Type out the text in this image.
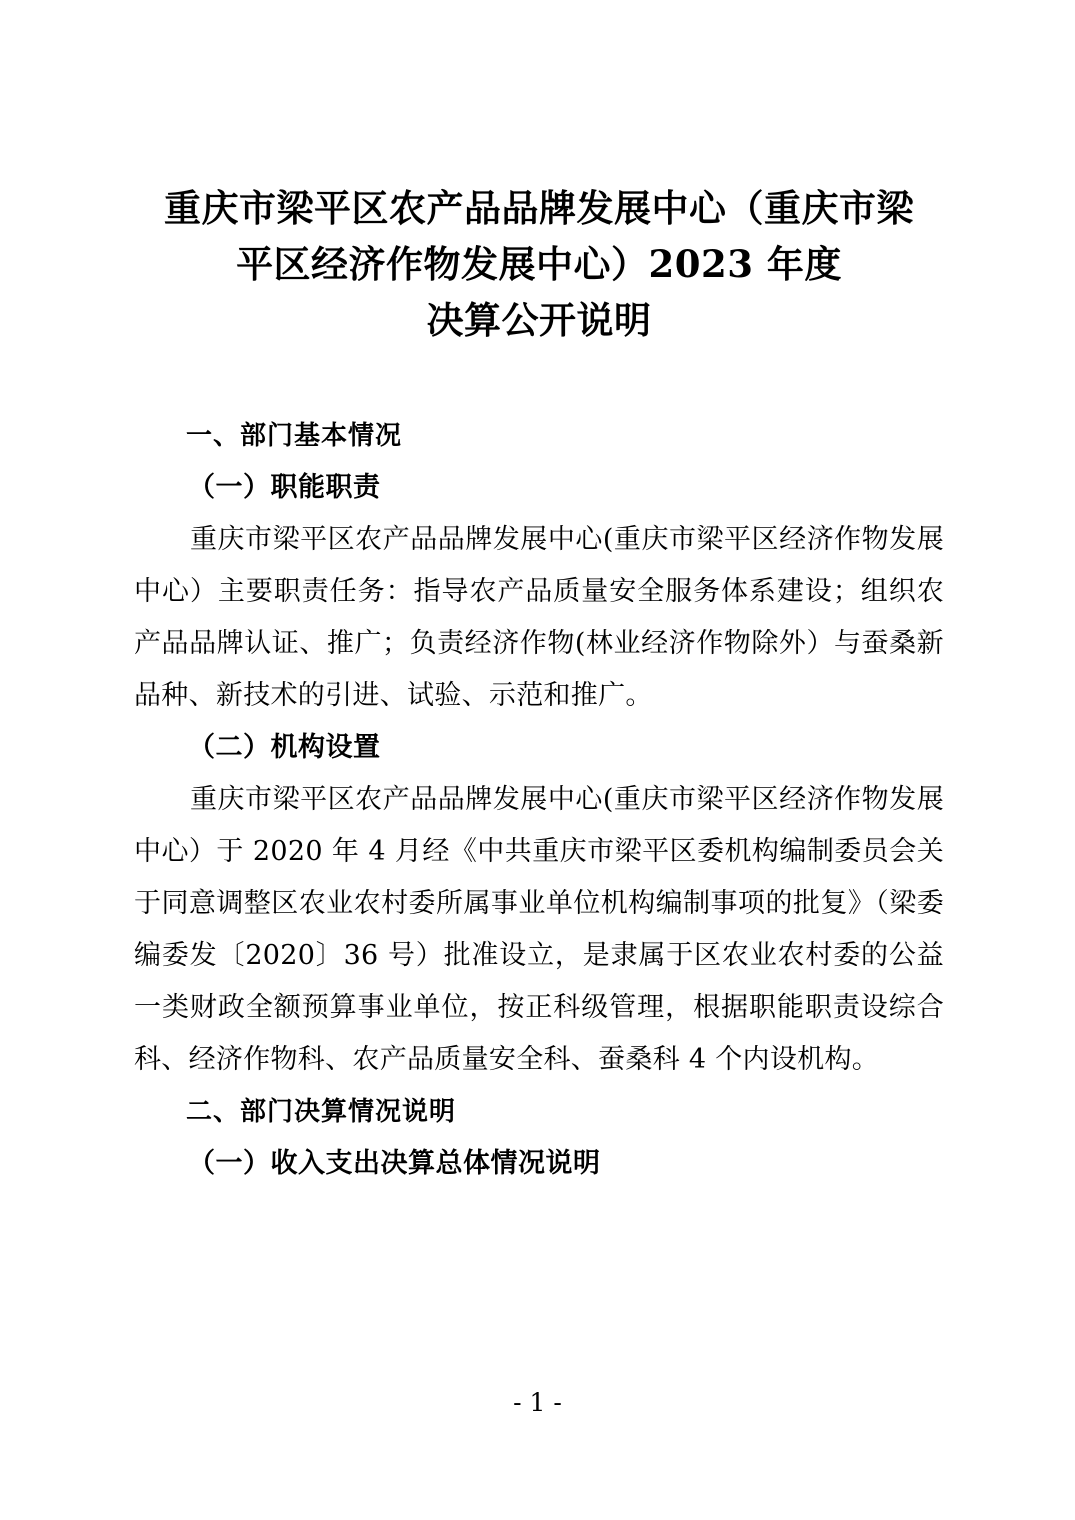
重庆市梁平区农产品品牌发展中心（重庆市梁
平区经济作物发展中心）2023 年度
决算公开说明
一、部门基本情况
（一）职能职责

重庆市梁平区农产品品牌发展中心(重庆市梁平区经济作物发展中心）主要职责任务：指导农产品质量安全服务体系建设；组织农产品品牌认证、推广；负责经济作物(林业经济作物除外）与蚕桑新品种、新技术的引进、试验、示范和推广。

（二）机构设置

重庆市梁平区农产品品牌发展中心(重庆市梁平区经济作物发展中心）于 2020 年 4 月经《中共重庆市梁平区委机构编制委员会关于同意调整区农业农村委所属事业单位机构编制事项的批复》（梁委编委发〔2020〕36 号）批准设立，是隶属于区农业农村委的公益一类财政全额预算事业单位，按正科级管理，根据职能职责设综合科、经济作物科、农产品质量安全科、蚕桑科 4 个内设机构。

二、部门决算情况说明
（一）收入支出决算总体情况说明
- 1 -
